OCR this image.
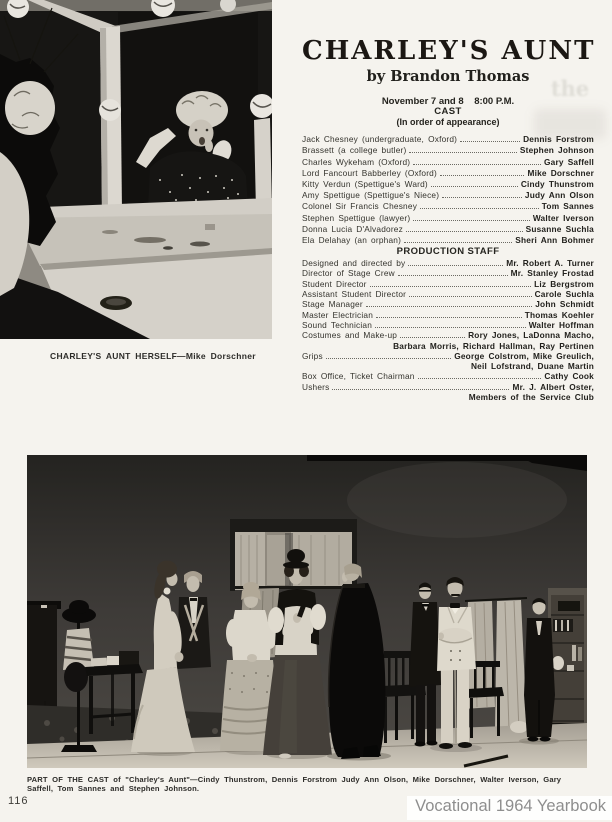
CHARLEY'S AUNT HERSELF—Mike Dorschner
the
CHARLEY'S AUNT
by Brandon Thomas
November 7 and 8    8:00 P.M.
CAST
(In order of appearance)
Jack Chesney (undergraduate, Oxford)	Dennis Forstrom
Brassett (a college butler)	Stephen Johnson
Charles Wykeham (Oxford)	Gary Saffell
Lord Fancourt Babberley (Oxford)	Mike Dorschner
Kitty Verdun (Spettigue's Ward)	Cindy Thunstrom
Amy Spettigue (Spettigue's Niece)	Judy Ann Olson
Colonel Sir Francis Chesney	Tom Sannes
Stephen Spettigue (lawyer)	Walter Iverson
Donna Lucia D'Alvadorez	Susanne Suchla
Ela Delahay (an orphan)	Sheri Ann Bohmer
PRODUCTION STAFF
Designed and directed by	Mr. Robert A. Turner
Director of Stage Crew	Mr. Stanley Frostad
Student Director	Liz Bergstrom
Assistant Student Director	Carole Suchla
Stage Manager	John Schmidt
Master Electrician	Thomas Koehler
Sound Technician	Walter Hoffman
Costumes and Make-up	Rory Jones, LaDonna Macho,
Barbara Morris, Richard Hallman, Ray Pertinen
Grips	George Colstrom, Mike Greulich,
Neil Lofstrand, Duane Martin
Box Office, Ticket Chairman	Cathy Cook
Ushers	Mr. J. Albert Oster,
Members of the Service Club
PART OF THE CAST of "Charley's Aunt"—Cindy Thunstrom, Dennis Forstrom Judy Ann Olson, Mike Dorschner, Walter Iverson, Gary Saffell, Tom Sannes and Stephen Johnson.
116	Vocational 1964 Yearbook
